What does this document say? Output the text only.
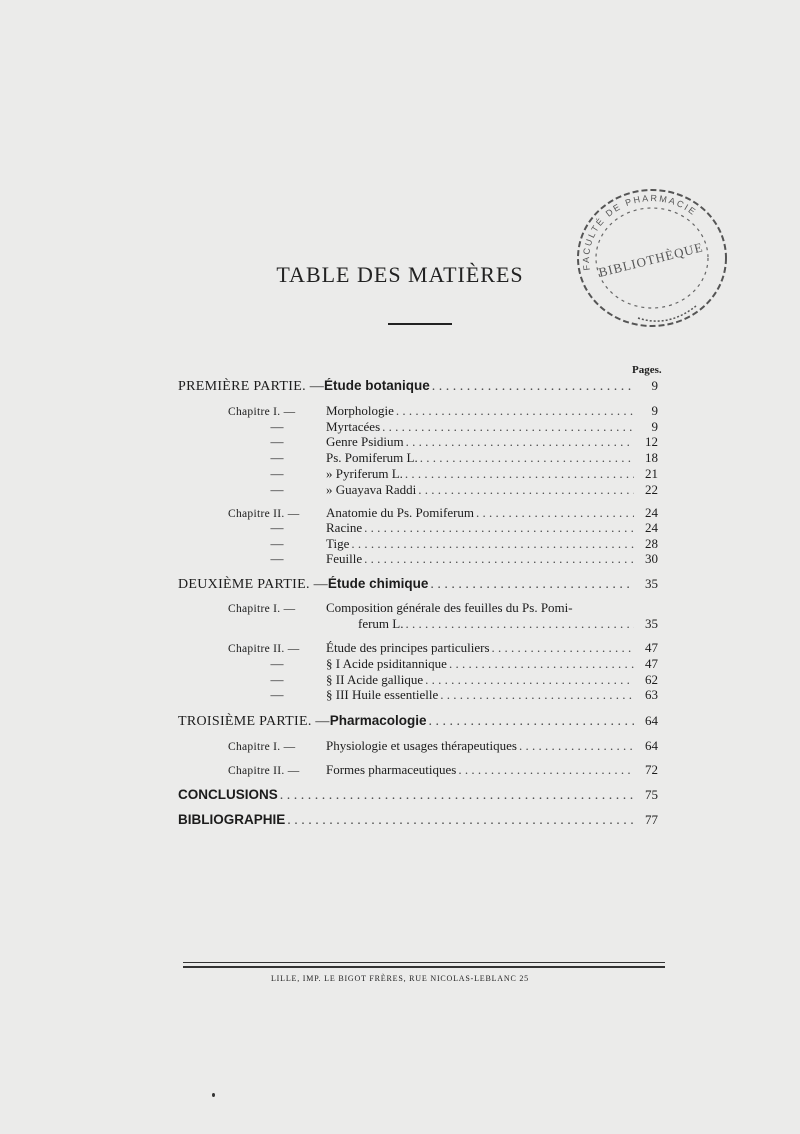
FACULTÉ DE PHARMACIE
BIBLIOTHÈQUE
TABLE DES MATIÈRES
Pages.
PREMIÈRE PARTIE. — Étude botanique . . .	9
Chapitre I. —	Morphologie . . .	9
—	Myrtacées . . .	9
—	Genre Psidium . . .	12
—	Ps. Pomiferum L. . . .	18
—	» Pyriferum L. . . .	21
—	» Guayava Raddi . . .	22
Chapitre II. —	Anatomie du Ps. Pomiferum . . .	24
—	Racine . . .	24
—	Tige . . .	28
—	Feuille . . .	30
DEUXIÈME PARTIE. — Étude chimique . . .	35
Chapitre I. — Composition générale des feuilles du Ps. Pomi-
ferum L. . . .	35
Chapitre II. —	Étude des principes particuliers . . .	47
—	§ I Acide psiditannique . . .	47
—	§ II Acide gallique . . .	62
—	§ III Huile essentielle . . .	63
TROISIÈME PARTIE. — Pharmacologie . . .	64
Chapitre I. —	Physiologie et usages thérapeutiques . . .	64
Chapitre II. —	Formes pharmaceutiques . . .	72
CONCLUSIONS . . .	75
BIBLIOGRAPHIE . . .	77
LILLE, IMP. LE BIGOT FRÈRES, RUE NICOLAS-LEBLANC 25
